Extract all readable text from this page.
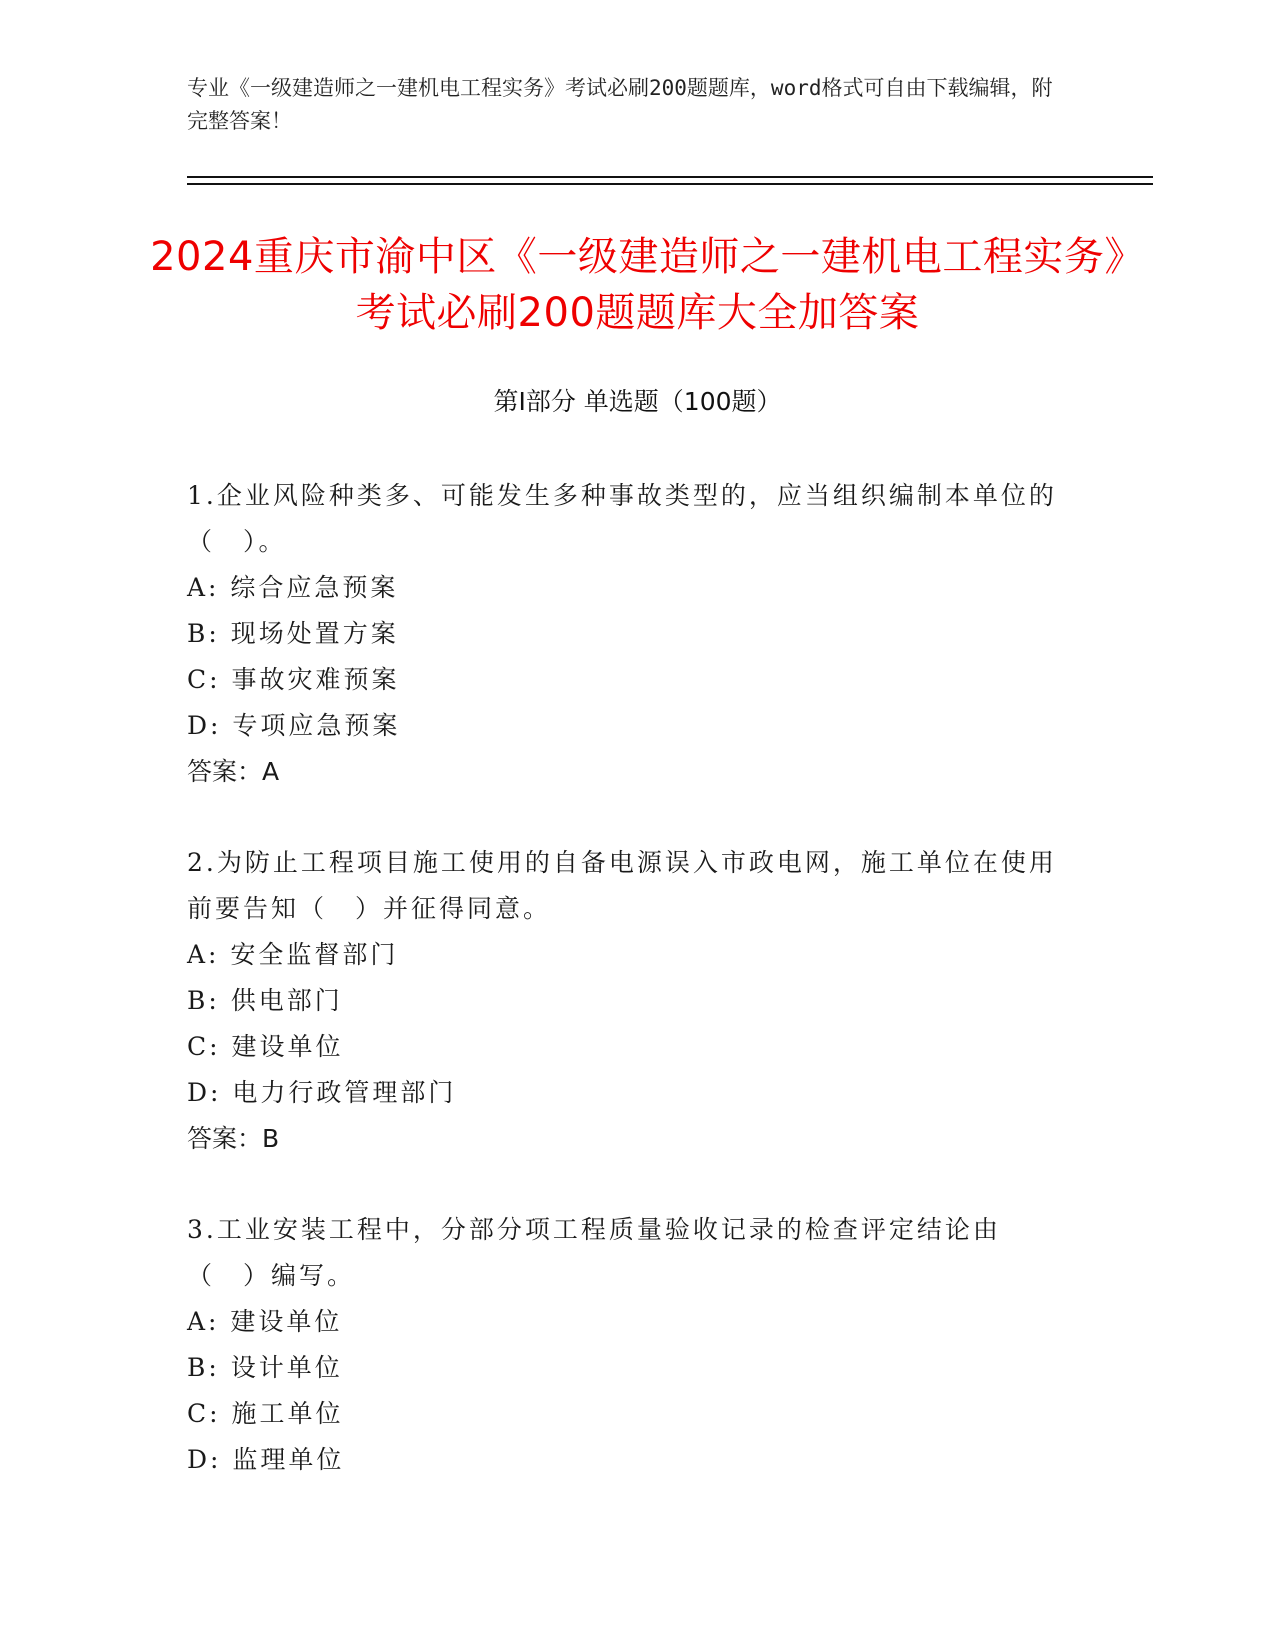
专业《一级建造师之一建机电工程实务》考试必刷200题题库，word格式可自由下载编辑，附完整答案！
2024重庆市渝中区《一级建造师之一建机电工程实务》考试必刷200题题库大全加答案
第Ⅰ部分 单选题（100题）

1.企业风险种类多、可能发生多种事故类型的，应当组织编制本单位的（　）。

A: 综合应急预案

B: 现场处置方案

C: 事故灾难预案

D: 专项应急预案

答案：A

2.为防止工程项目施工使用的自备电源误入市政电网，施工单位在使用前要告知（　）并征得同意。

A: 安全监督部门

B: 供电部门

C: 建设单位

D: 电力行政管理部门

答案：B

3.工业安装工程中，分部分项工程质量验收记录的检查评定结论由（　）编写。

A: 建设单位

B: 设计单位

C: 施工单位

D: 监理单位
